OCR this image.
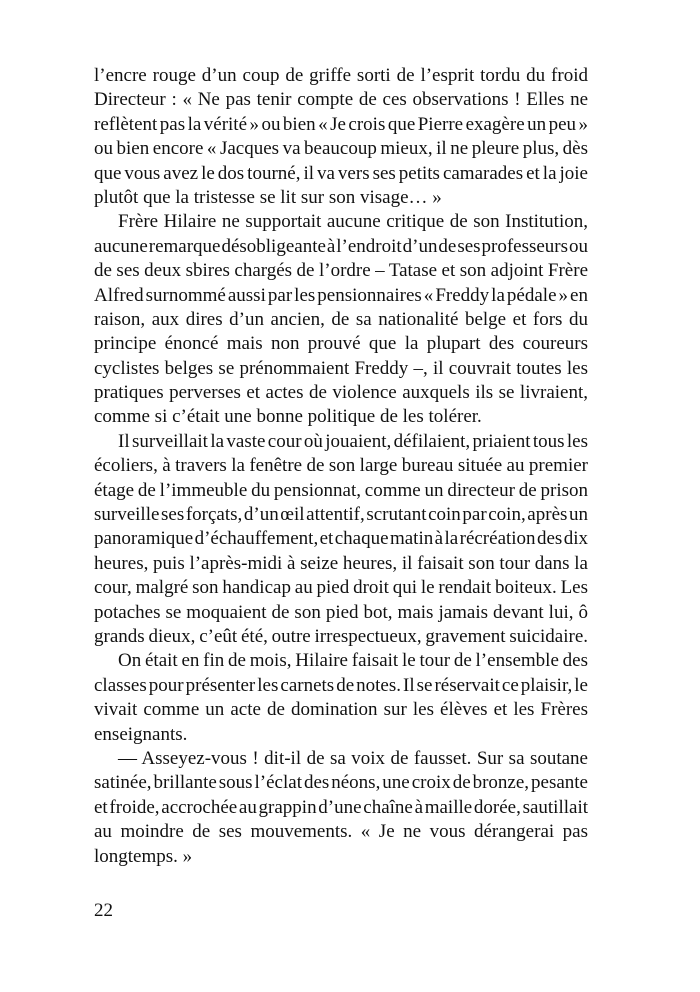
l’encre rouge d’un coup de griffe sorti de l’esprit tordu du froid
Directeur : « Ne pas tenir compte de ces observations ! Elles ne
reflètent pas la vérité » ou bien « Je crois que Pierre exagère un peu »
ou bien encore « Jacques va beaucoup mieux, il ne pleure plus, dès
que vous avez le dos tourné, il va vers ses petits camarades et la joie
plutôt que la tristesse se lit sur son visage… »
Frère Hilaire ne supportait aucune critique de son Institution,
aucune remarque désobligeante à l’endroit d’un de ses professeurs ou
de ses deux sbires chargés de l’ordre – Tatase et son adjoint Frère
Alfred surnommé aussi par les pensionnaires « Freddy la pédale » en
raison, aux dires d’un ancien, de sa nationalité belge et fors du
principe énoncé mais non prouvé que la plupart des coureurs
cyclistes belges se prénommaient Freddy –, il couvrait toutes les
pratiques perverses et actes de violence auxquels ils se livraient,
comme si c’était une bonne politique de les tolérer.
Il surveillait la vaste cour où jouaient, défilaient, priaient tous les
écoliers, à travers la fenêtre de son large bureau située au premier
étage de l’immeuble du pensionnat, comme un directeur de prison
surveille ses forçats, d’un œil attentif, scrutant coin par coin, après un
panoramique d’échauffement, et chaque matin à la récréation des dix
heures, puis l’après-midi à seize heures, il faisait son tour dans la
cour, malgré son handicap au pied droit qui le rendait boiteux. Les
potaches se moquaient de son pied bot, mais jamais devant lui, ô
grands dieux, c’eût été, outre irrespectueux, gravement suicidaire.
On était en fin de mois, Hilaire faisait le tour de l’ensemble des
classes pour présenter les carnets de notes. Il se réservait ce plaisir, le
vivait comme un acte de domination sur les élèves et les Frères
enseignants.
— Asseyez-vous ! dit-il de sa voix de fausset. Sur sa soutane
satinée, brillante sous l’éclat des néons, une croix de bronze, pesante
et froide, accrochée au grappin d’une chaîne à maille dorée, sautillait
au moindre de ses mouvements. « Je ne vous dérangerai pas
longtemps. »
22
